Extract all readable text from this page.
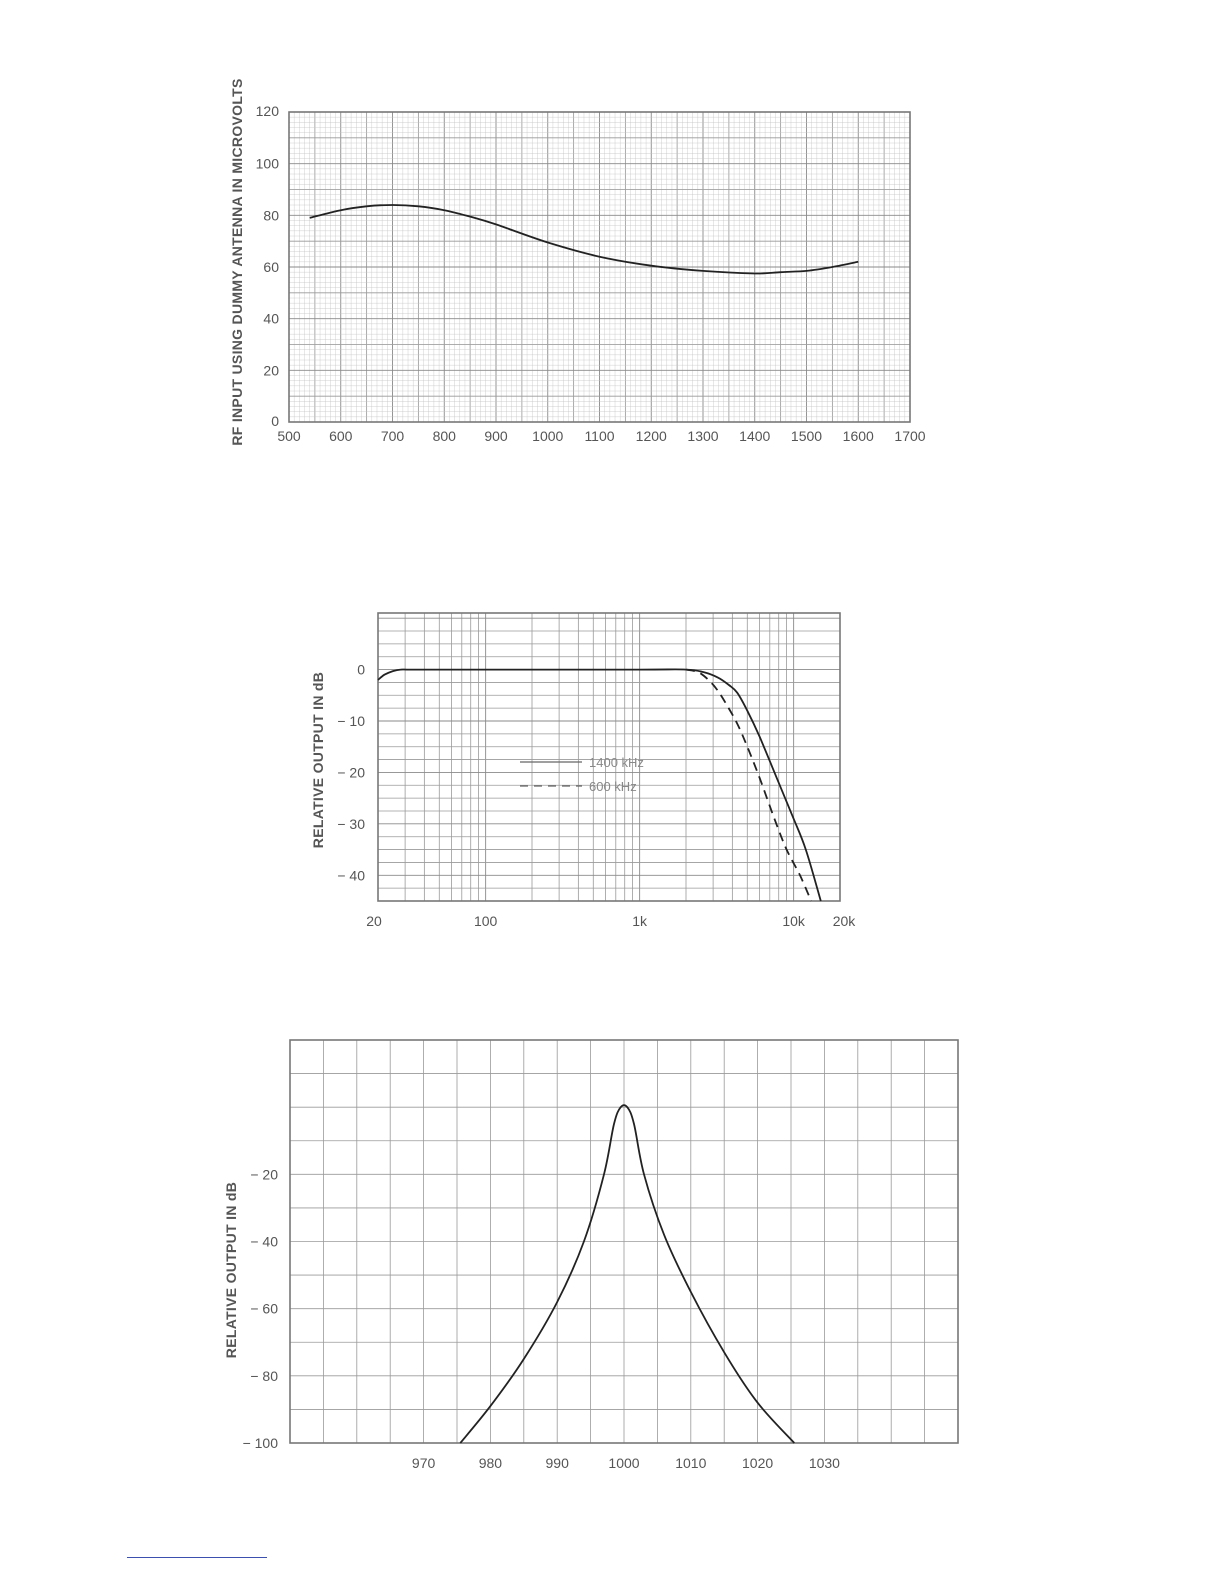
RF INPUT USING DUMMY ANTENNA IN MICROVOLTS 500 600 700 800 900 1000 1100 1200 1300 1400 1500 1600 1700
0
20
40
60
80
100
120
RELATIVE OUTPUT IN dB
20	100	1k	10k 20k
0
− 10
− 20
− 30
− 40
1400 kHz
600 kHz
RELATIVE OUTPUT IN dB
970	980	990	1000	1010	1020	1030
− 20
− 40
− 60
− 80
− 100
